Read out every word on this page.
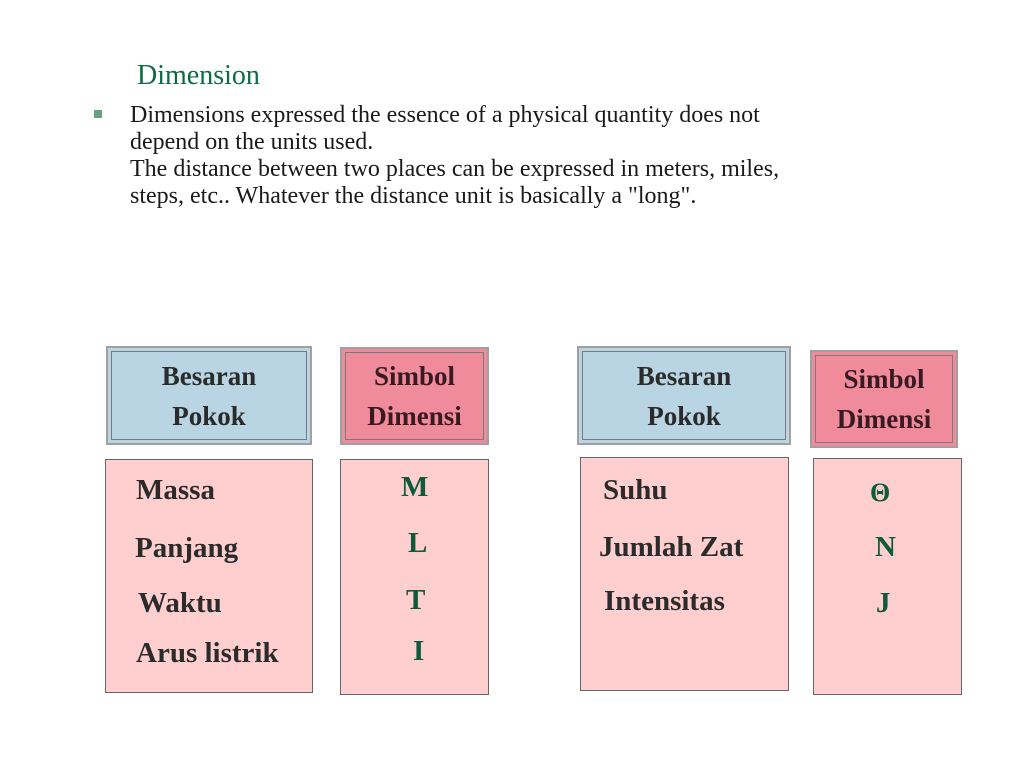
Dimension
Dimensions expressed the essence of a physical quantity does not
depend on the units used.
The distance between two places can be expressed in meters, miles,
steps, etc.. Whatever the distance unit is basically a "long".
Besaran
Pokok
Simbol
Dimensi
Massa
Panjang
Waktu
Arus listrik
M
L
T
I
Besaran
Pokok
Simbol
Dimensi
Suhu
Jumlah Zat
Intensitas
Θ
N
J
